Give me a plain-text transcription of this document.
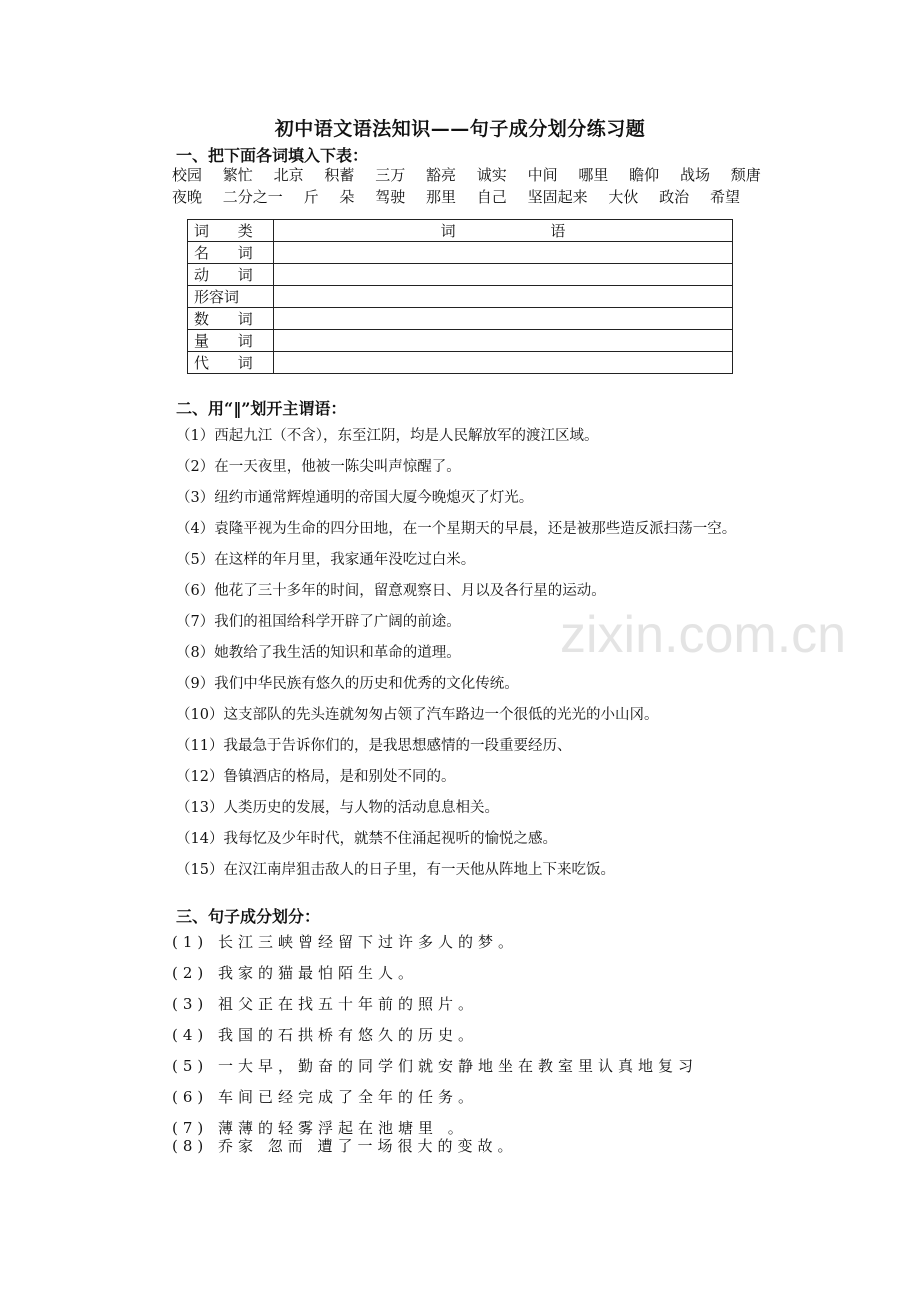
初中语文语法知识——句子成分划分练习题
一、把下面各词填入下表：
校园 繁忙 北京 积蓄 三万 豁亮 诚实 中间 哪里 瞻仰 战场 颓唐
夜晚 二分之一 斤 朵 驾驶 那里 自己 坚固起来 大伙 政治 希望
词 类	词 语
名 词	
动 词	
形容词	
数 词	
量 词	
代 词	
二、用“‖”划开主谓语：
（1）西起九江（不含），东至江阴，均是人民解放军的渡江区域。
（2）在一天夜里，他被一陈尖叫声惊醒了。
（3）纽约市通常辉煌通明的帝国大厦今晚熄灭了灯光。
（4）袁隆平视为生命的四分田地，在一个星期天的早晨，还是被那些造反派扫荡一空。
（5）在这样的年月里，我家通年没吃过白米。
（6）他花了三十多年的时间，留意观察日、月以及各行星的运动。
（7）我们的祖国给科学开辟了广阔的前途。
（8）她教给了我生活的知识和革命的道理。
（9）我们中华民族有悠久的历史和优秀的文化传统。
（10）这支部队的先头连就匆匆占领了汽车路边一个很低的光光的小山冈。
（11）我最急于告诉你们的，是我思想感情的一段重要经历、
（12）鲁镇酒店的格局，是和别处不同的。
（13）人类历史的发展，与人物的活动息息相关。
（14）我每忆及少年时代，就禁不住涌起视听的愉悦之感。
（15）在汉江南岸狙击敌人的日子里，有一天他从阵地上下来吃饭。
三、句子成分划分：
(1) 长江三峡曾经留下过许多人的梦。
(2) 我家的猫最怕陌生人。
(3) 祖父正在找五十年前的照片。
(4) 我国的石拱桥有悠久的历史。
(5) 一大早，勤奋的同学们就安静地坐在教室里认真地复习
(6) 车间已经完成了全年的任务。
(7) 薄薄的轻雾浮起在池塘里 。
(8) 乔家 忽而 遭了一场很大的变故。
zixin.com.cn
